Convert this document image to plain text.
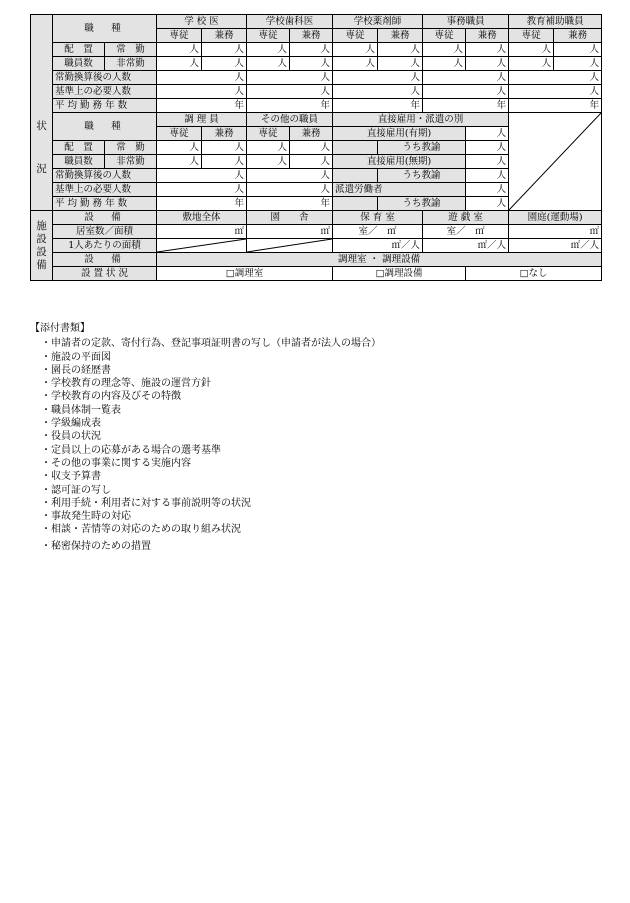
状
況	職　種		学 校 医		学校歯科医		学校薬剤師		事務職員		教育補助職員	
			専従	兼務	専従	兼務	専従	兼務	専従	兼務	専従	兼務
	配　置	常　勤	人	人	人	人	人	人	人	人	人	人
	職員数	非常勤	人	人	人	人	人	人	人	人	人	人
	常勤換算後の人数		人		人		人		人		人	
	基準上の必要人数		人		人		人		人		人	
	平 均 勤 務 年 数		年		年		年		年		年	
	職　種		調 理 員		その他の職員		直接雇用・派遣の別	

			専従	兼務	専従	兼務	直接雇用(有期)			人		
	配　置	常　勤	人	人	人	人		うち教諭		人		
	職員数	非常勤	人	人	人	人	直接雇用(無期)			人		
	常勤換算後の人数		人		人			うち教諭		人		
	基準上の必要人数		人		人		派遣労働者			人		
	平 均 勤 務 年 数		年		年			うち教諭		人		

施
設
設
備	設　備		敷地全体		園　　舎		保 育 室		遊 戯 室		園庭(運動場)	
	居室数／面積		㎡		㎡		室／　㎡		室／　㎡		㎡	
	1人あたりの面積						㎡／人		㎡／人		㎡／人	
	設　備		調理室 ・ 調理設備									
	設 置 状 況		□調理室				□調理設備			□なし		
【添付書類】
・申請者の定款、寄付行為、登記事項証明書の写し（申請者が法人の場合）
・施設の平面図
・園長の経歴書
・学校教育の理念等、施設の運営方針
・学校教育の内容及びその特徴
・職員体制一覧表
・学級編成表
・役員の状況
・定員以上の応募がある場合の選考基準
・その他の事業に関する実施内容
・収支予算書
・認可証の写し
・利用手続・利用者に対する事前説明等の状況
・事故発生時の対応
・相談・苦情等の対応のための取り組み状況
・秘密保持のための措置
